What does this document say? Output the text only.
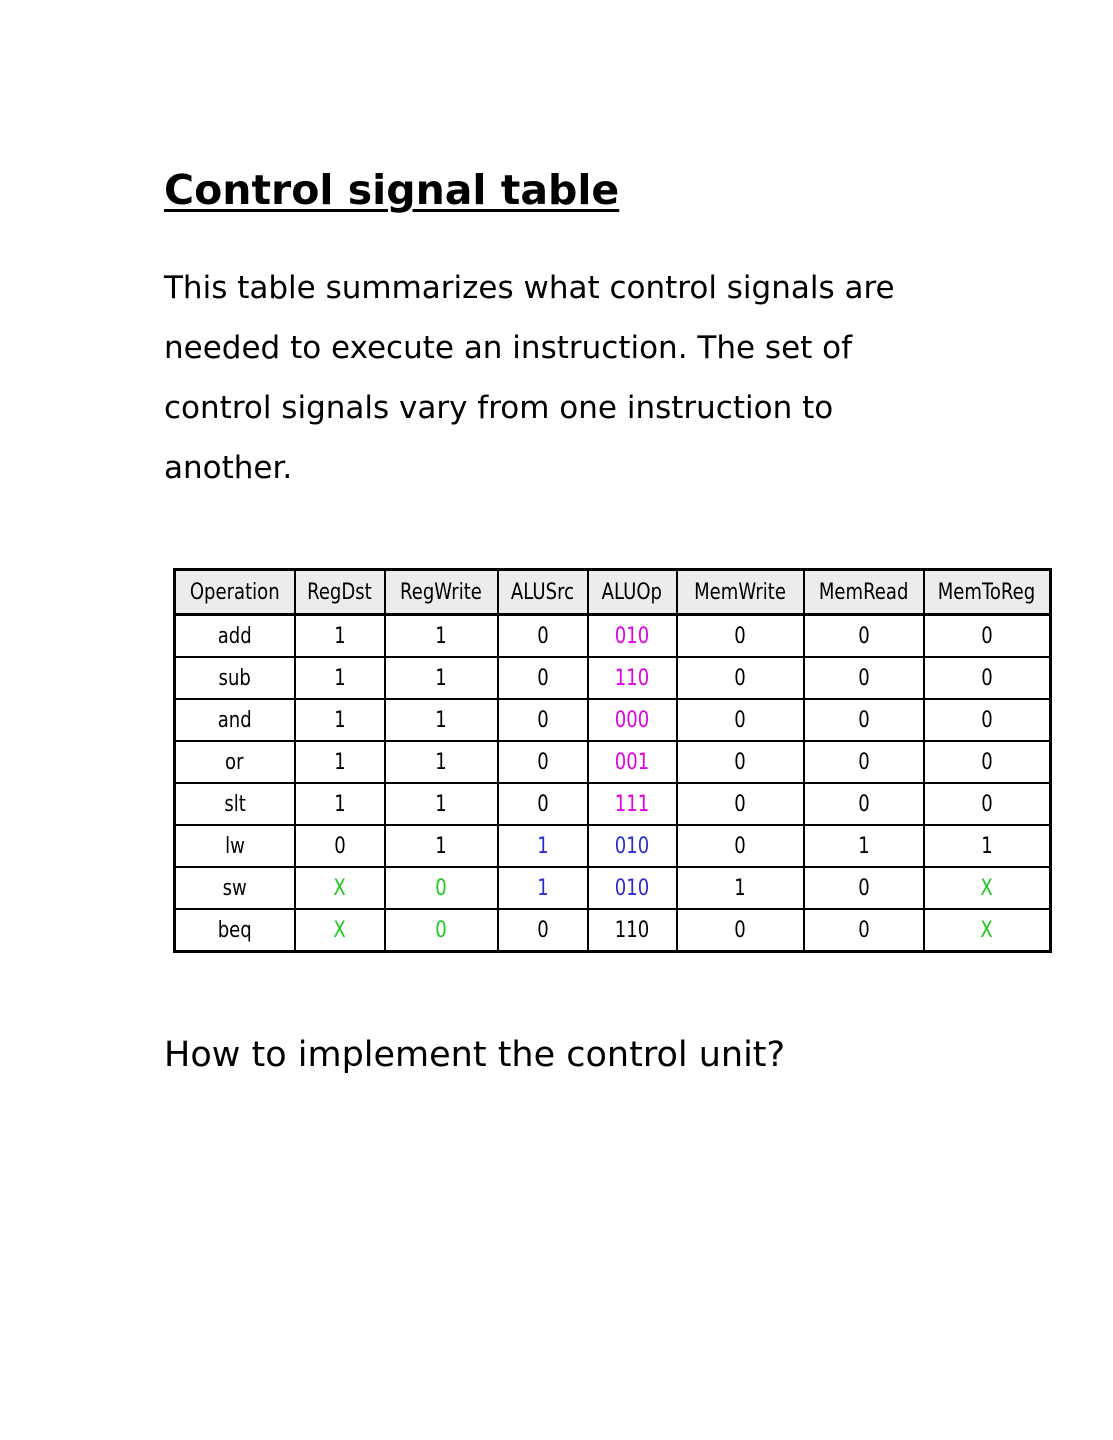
Control signal table

This table summarizes what control signals are needed to execute an instruction. The set of control signals vary from one instruction to another.

Operation	RegDst	RegWrite	ALUSrc	ALUOp	MemWrite	MemRead	MemToReg
add	1	1	0	010	0	0	0
sub	1	1	0	110	0	0	0
and	1	1	0	000	0	0	0
or	1	1	0	001	0	0	0
slt	1	1	0	111	0	0	0
lw	0	1	1	010	0	1	1
sw	X	0	1	010	1	0	X
beq	X	0	0	110	0	0	X

How to implement the control unit?
